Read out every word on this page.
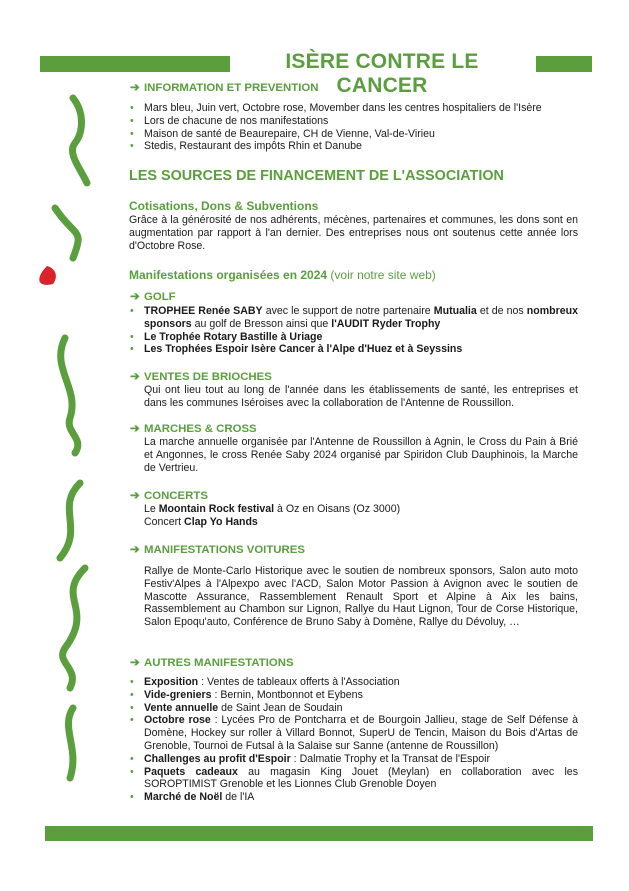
ISÈRE CONTRE LE CANCER
➔ INFORMATION ET PREVENTION
• Mars bleu, Juin vert, Octobre rose, Movember dans les centres hospitaliers de l'Isère
• Lors de chacune de nos manifestations
• Maison de santé de Beaurepaire, CH de Vienne, Val-de-Virieu
• Stedis, Restaurant des impôts Rhin et Danube
LES SOURCES DE FINANCEMENT DE L'ASSOCIATION
Cotisations, Dons & Subventions
Grâce à la générosité de nos adhérents, mécènes, partenaires et communes, les dons sont en augmentation par rapport à l'an dernier. Des entreprises nous ont soutenus cette année lors d'Octobre Rose.
Manifestations organisées en 2024 (voir notre site web)
➔ GOLF
• TROPHEE Renée SABY avec le support de notre partenaire Mutualia et de nos nombreux sponsors au golf de Bresson ainsi que l'AUDIT Ryder Trophy
• Le Trophée Rotary Bastille à Uriage
• Les Trophées Espoir Isère Cancer à l'Alpe d'Huez et à Seyssins
➔ VENTES DE BRIOCHES
Qui ont lieu tout au long de l'année dans les établissements de santé, les entreprises et dans les communes Iséroises avec la collaboration de l'Antenne de Roussillon.
➔ MARCHES & CROSS
La marche annuelle organisée par l'Antenne de Roussillon à Agnin, le Cross du Pain à Brié et Angonnes, le cross Renée Saby 2024 organisé par Spiridon Club Dauphinois, la Marche de Vertrieu.
➔ CONCERTS
Le Moontain Rock festival à Oz en Oisans (Oz 3000)
Concert Clap Yo Hands
➔ MANIFESTATIONS VOITURES
Rallye de Monte-Carlo Historique avec le soutien de nombreux sponsors, Salon auto moto Festiv'Alpes à l'Alpexpo avec l'ACD, Salon Motor Passion à Avignon avec le soutien de Mascotte Assurance, Rassemblement Renault Sport et Alpine à Aix les bains, Rassemblement au Chambon sur Lignon, Rallye du Haut Lignon, Tour de Corse Historique, Salon Epoqu'auto, Conférence de Bruno Saby à Domène, Rallye du Dévoluy, …
➔ AUTRES MANIFESTATIONS
• Exposition : Ventes de tableaux offerts à l'Association
• Vide-greniers : Bernin, Montbonnot et Eybens
• Vente annuelle de Saint Jean de Soudain
• Octobre rose : Lycées Pro de Pontcharra et de Bourgoin Jallieu, stage de Self Défense à Domène, Hockey sur roller à Villard Bonnot, SuperU de Tencin, Maison du Bois d'Artas de Grenoble, Tournoi de Futsal à la Salaise sur Sanne (antenne de Roussillon)
• Challenges au profit d'Espoir : Dalmatie Trophy et la Transat de l'Espoir
• Paquets cadeaux au magasin King Jouet (Meylan) en collaboration avec les SOROPTIMIST Grenoble et les Lionnes Club Grenoble Doyen
• Marché de Noël de l'IA
